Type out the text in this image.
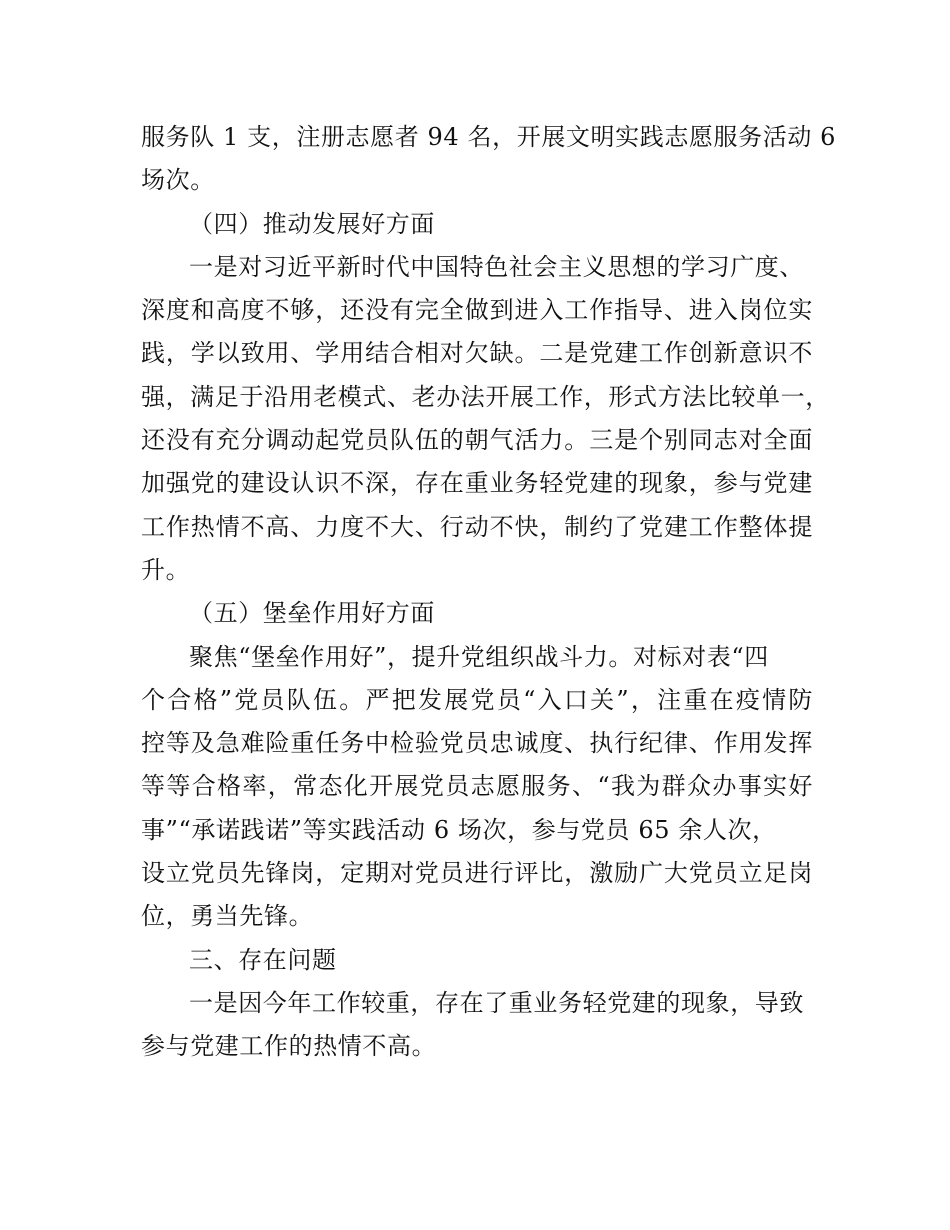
服务队 1 支，注册志愿者 94 名，开展文明实践志愿服务活动 6
场次。
（四）推动发展好方面
一是对习近平新时代中国特色社会主义思想的学习广度、
深度和高度不够，还没有完全做到进入工作指导、进入岗位实
践，学以致用、学用结合相对欠缺。二是党建工作创新意识不
强，满足于沿用老模式、老办法开展工作，形式方法比较单一，
还没有充分调动起党员队伍的朝气活力。三是个别同志对全面
加强党的建设认识不深，存在重业务轻党建的现象，参与党建
工作热情不高、力度不大、行动不快，制约了党建工作整体提
升。
（五）堡垒作用好方面
聚焦“堡垒作用好”，提升党组织战斗力。对标对表“四
个合格”党员队伍。严把发展党员“入口关”，注重在疫情防
控等及急难险重任务中检验党员忠诚度、执行纪律、作用发挥
等等合格率，常态化开展党员志愿服务、“我为群众办事实好
事”“承诺践诺”等实践活动 6 场次，参与党员 65 余人次，
设立党员先锋岗，定期对党员进行评比，激励广大党员立足岗
位，勇当先锋。
三、存在问题
一是因今年工作较重，存在了重业务轻党建的现象，导致
参与党建工作的热情不高。
